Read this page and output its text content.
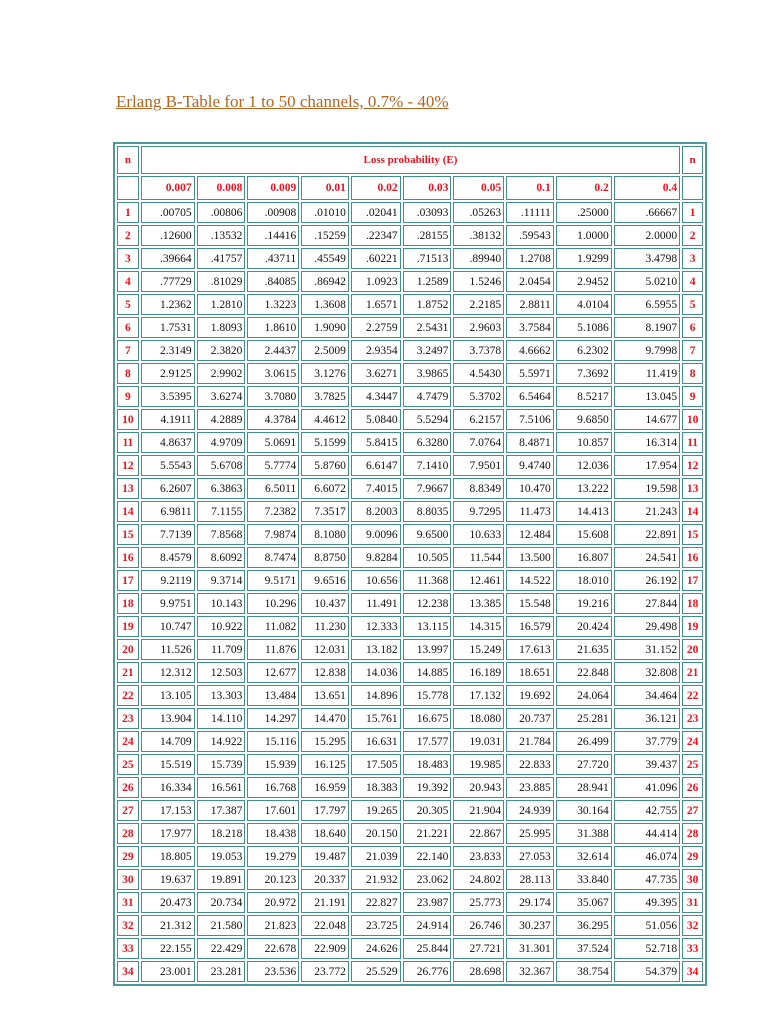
Erlang B-Table for 1 to 50 channels, 0.7% - 40%
n	Loss probability (E)										n
	0.007	0.008	0.009	0.01	0.02	0.03	0.05	0.1	0.2	0.4	
1	.00705	.00806	.00908	.01010	.02041	.03093	.05263	.11111	.25000	.66667	1
2	.12600	.13532	.14416	.15259	.22347	.28155	.38132	.59543	1.0000	2.0000	2
3	.39664	.41757	.43711	.45549	.60221	.71513	.89940	1.2708	1.9299	3.4798	3
4	.77729	.81029	.84085	.86942	1.0923	1.2589	1.5246	2.0454	2.9452	5.0210	4
5	1.2362	1.2810	1.3223	1.3608	1.6571	1.8752	2.2185	2.8811	4.0104	6.5955	5
6	1.7531	1.8093	1.8610	1.9090	2.2759	2.5431	2.9603	3.7584	5.1086	8.1907	6
7	2.3149	2.3820	2.4437	2.5009	2.9354	3.2497	3.7378	4.6662	6.2302	9.7998	7
8	2.9125	2.9902	3.0615	3.1276	3.6271	3.9865	4.5430	5.5971	7.3692	11.419	8
9	3.5395	3.6274	3.7080	3.7825	4.3447	4.7479	5.3702	6.5464	8.5217	13.045	9
10	4.1911	4.2889	4.3784	4.4612	5.0840	5.5294	6.2157	7.5106	9.6850	14.677	10
11	4.8637	4.9709	5.0691	5.1599	5.8415	6.3280	7.0764	8.4871	10.857	16.314	11
12	5.5543	5.6708	5.7774	5.8760	6.6147	7.1410	7.9501	9.4740	12.036	17.954	12
13	6.2607	6.3863	6.5011	6.6072	7.4015	7.9667	8.8349	10.470	13.222	19.598	13
14	6.9811	7.1155	7.2382	7.3517	8.2003	8.8035	9.7295	11.473	14.413	21.243	14
15	7.7139	7.8568	7.9874	8.1080	9.0096	9.6500	10.633	12.484	15.608	22.891	15
16	8.4579	8.6092	8.7474	8.8750	9.8284	10.505	11.544	13.500	16.807	24.541	16
17	9.2119	9.3714	9.5171	9.6516	10.656	11.368	12.461	14.522	18.010	26.192	17
18	9.9751	10.143	10.296	10.437	11.491	12.238	13.385	15.548	19.216	27.844	18
19	10.747	10.922	11.082	11.230	12.333	13.115	14.315	16.579	20.424	29.498	19
20	11.526	11.709	11.876	12.031	13.182	13.997	15.249	17.613	21.635	31.152	20
21	12.312	12.503	12.677	12.838	14.036	14.885	16.189	18.651	22.848	32.808	21
22	13.105	13.303	13.484	13.651	14.896	15.778	17.132	19.692	24.064	34.464	22
23	13.904	14.110	14.297	14.470	15.761	16.675	18.080	20.737	25.281	36.121	23
24	14.709	14.922	15.116	15.295	16.631	17.577	19.031	21.784	26.499	37.779	24
25	15.519	15.739	15.939	16.125	17.505	18.483	19.985	22.833	27.720	39.437	25
26	16.334	16.561	16.768	16.959	18.383	19.392	20.943	23.885	28.941	41.096	26
27	17.153	17.387	17.601	17.797	19.265	20.305	21.904	24.939	30.164	42.755	27
28	17.977	18.218	18.438	18.640	20.150	21.221	22.867	25.995	31.388	44.414	28
29	18.805	19.053	19.279	19.487	21.039	22.140	23.833	27.053	32.614	46.074	29
30	19.637	19.891	20.123	20.337	21.932	23.062	24.802	28.113	33.840	47.735	30
31	20.473	20.734	20.972	21.191	22.827	23.987	25.773	29.174	35.067	49.395	31
32	21.312	21.580	21.823	22.048	23.725	24.914	26.746	30.237	36.295	51.056	32
33	22.155	22.429	22.678	22.909	24.626	25.844	27.721	31.301	37.524	52.718	33
34	23.001	23.281	23.536	23.772	25.529	26.776	28.698	32.367	38.754	54.379	34
